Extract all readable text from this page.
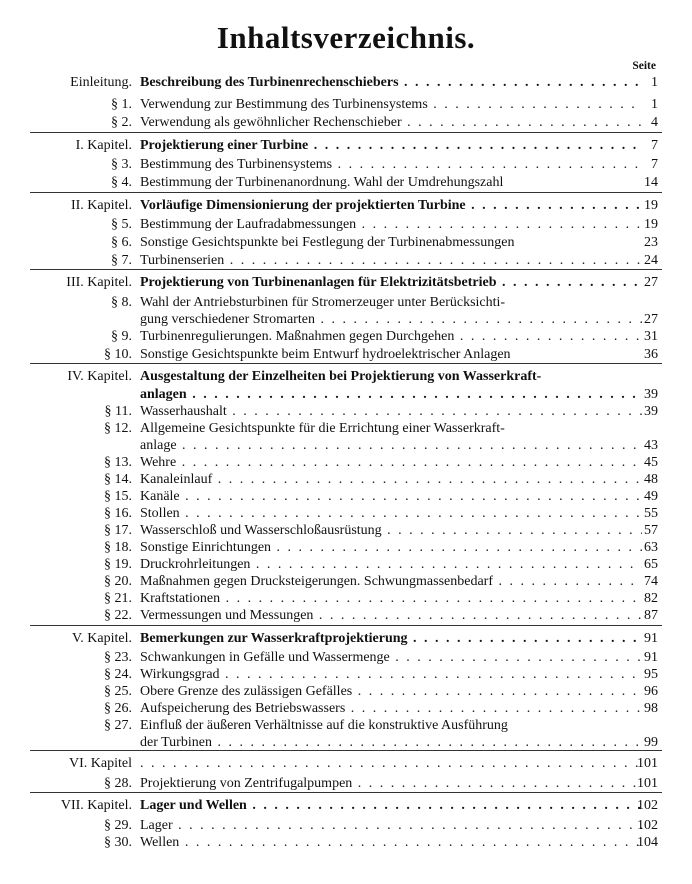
Inhaltsverzeichnis.
Seite
Einleitung. Beschreibung des Turbinenrechenschiebers . . .	1
§ 1. Verwendung zur Bestimmung des Turbinensystems . . .	1
§ 2. Verwendung als gewöhnlicher Rechenschieber . . .	4
I. Kapitel. Projektierung einer Turbine . . .	7
§ 3. Bestimmung des Turbinensystems . . .	7
§ 4. Bestimmung der Turbinenanordnung. Wahl der Umdrehungszahl	14
II. Kapitel. Vorläufige Dimensionierung der projektierten Turbine . . .	19
§ 5. Bestimmung der Laufradabmessungen . . .	19
§ 6. Sonstige Gesichtspunkte bei Festlegung der Turbinenabmessungen	23
§ 7. Turbinenserien . . .	24
III. Kapitel. Projektierung von Turbinenanlagen für Elektrizitätsbetrieb . . .	27
§ 8. Wahl der Antriebsturbinen für Stromerzeuger unter Berücksichti-
gung verschiedener Stromarten . . .	27
§ 9. Turbinenregulierungen. Maßnahmen gegen Durchgehen . . .	31
§ 10. Sonstige Gesichtspunkte beim Entwurf hydroelektrischer Anlagen	36
IV. Kapitel. Ausgestaltung der Einzelheiten bei Projektierung von Wasserkraft-
anlagen . . .	39
§ 11. Wasserhaushalt . . .	39
§ 12. Allgemeine Gesichtspunkte für die Errichtung einer Wasserkraft-
anlage . . .	43
§ 13. Wehre . . .	45
§ 14. Kanaleinlauf . . .	48
§ 15. Kanäle . . .	49
§ 16. Stollen . . .	55
§ 17. Wasserschloß und Wasserschloßausrüstung . . .	57
§ 18. Sonstige Einrichtungen . . .	63
§ 19. Druckrohrleitungen . . .	65
§ 20. Maßnahmen gegen Drucksteigerungen. Schwungmassenbedarf . . .	74
§ 21. Kraftstationen . . .	82
§ 22. Vermessungen und Messungen . . .	87
V. Kapitel. Bemerkungen zur Wasserkraftprojektierung . . .	91
§ 23. Schwankungen in Gefälle und Wassermenge . . .	91
§ 24. Wirkungsgrad . . .	95
§ 25. Obere Grenze des zulässigen Gefälles . . .	96
§ 26. Aufspeicherung des Betriebswassers . . .	98
§ 27. Einfluß der äußeren Verhältnisse auf die konstruktive Ausführung
der Turbinen . . .	99
VI. Kapitel . . .	101
§ 28. Projektierung von Zentrifugalpumpen . . .	101
VII. Kapitel. Lager und Wellen . . .	102
§ 29. Lager . . .	102
§ 30. Wellen . . .	104
